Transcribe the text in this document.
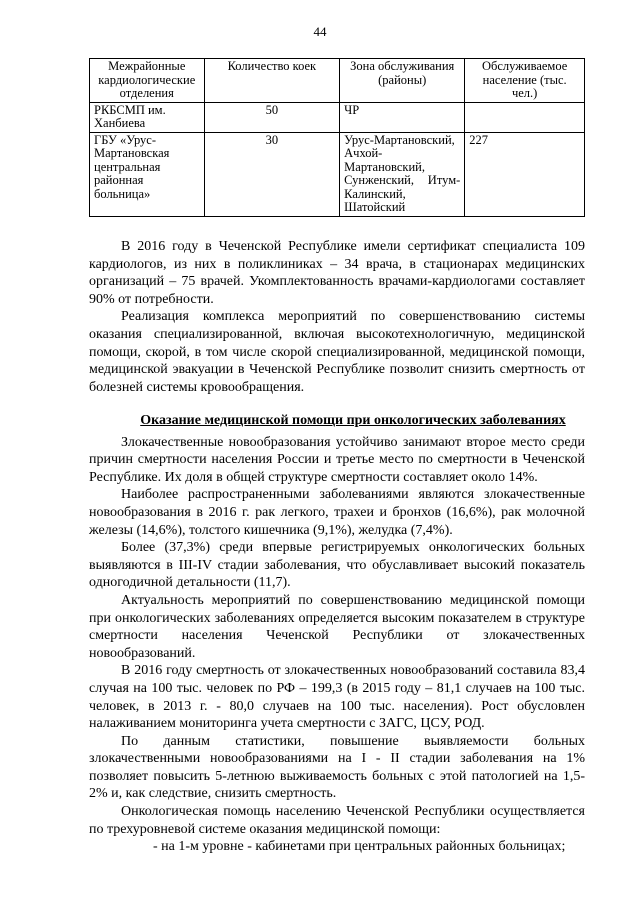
44
Межрайонные кардиологические отделения	Количество коек	Зона обслуживания (районы)	Обслуживаемое население (тыс. чел.)
РКБСМП им. Ханбиева	50	ЧР	
ГБУ «Урус-Мартановская центральная районная больница»	30	Урус-Мартановский, Ачхой-Мартановский, Сунженский, Итум-Калинский, Шатойский	227

В 2016 году в Чеченской Республике имели сертификат специалиста 109 кардиологов, из них в поликлиниках – 34 врача, в стационарах медицинских организаций – 75 врачей. Укомплектованность врачами-кардиологами составляет 90% от потребности.

Реализация комплекса мероприятий по совершенствованию системы оказания специализированной, включая высокотехнологичную, медицинской помощи, скорой, в том числе скорой специализированной, медицинской помощи, медицинской эвакуации в Чеченской Республике позволит снизить смертность от болезней системы кровообращения.

Оказание медицинской помощи при онкологических заболеваниях

Злокачественные новообразования устойчиво занимают второе место среди причин смертности населения России и третье место по смертности в Чеченской Республике. Их доля в общей структуре смертности составляет около 14%.

Наиболее распространенными заболеваниями являются злокачественные новообразования в 2016 г. рак легкого, трахеи и бронхов (16,6%), рак молочной железы (14,6%), толстого кишечника (9,1%), желудка (7,4%).

Более (37,3%) среди впервые регистрируемых онкологических больных выявляются в III-IV стадии заболевания, что обуславливает высокий показатель одногодичной детальности (11,7).

Актуальность мероприятий по совершенствованию медицинской помощи при онкологических заболеваниях определяется высоким показателем в структуре смертности населения Чеченской Республики от злокачественных новообразований.

В 2016 году смертность от злокачественных новообразований составила 83,4 случая на 100 тыс. человек по РФ – 199,3 (в 2015 году – 81,1 случаев на 100 тыс. человек, в 2013 г. - 80,0 случаев на 100 тыс. населения). Рост обусловлен налаживанием мониторинга учета смертности с ЗАГС, ЦСУ, РОД.

По данным статистики, повышение выявляемости больных злокачественными новообразованиями на I - II стадии заболевания на 1% позволяет повысить 5-летнюю выживаемость больных с этой патологией на 1,5-2% и, как следствие, снизить смертность.

Онкологическая помощь населению Чеченской Республики осуществляется по трехуровневой системе оказания медицинской помощи:

- на 1-м уровне - кабинетами при центральных районных больницах;
